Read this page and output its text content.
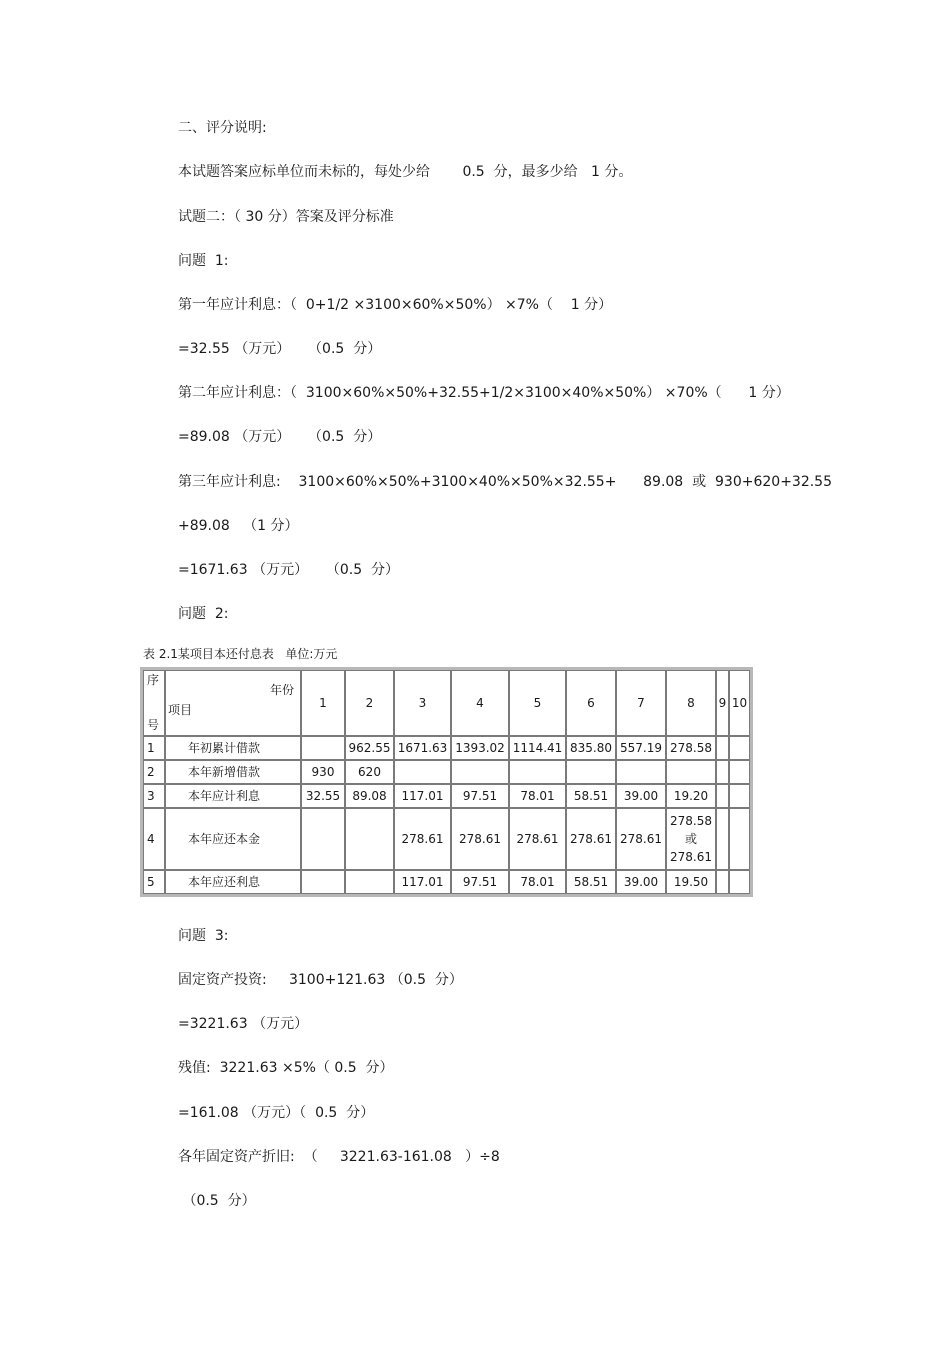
二、评分说明:

本试题答案应标单位而未标的，每处少给　　 0.5  分，最多少给   1 分。

试题二：（ 30 分）答案及评分标准

问题  1:

第一年应计利息：（  0+1/2 ×3100×60%×50%） ×7%（    1 分）

=32.55 （万元）    （0.5  分）

第二年应计利息：（  3100×60%×50%+32.55+1/2×3100×40%×50%） ×70%（      1 分）

=89.08 （万元）    （0.5  分）

第三年应计利息:    3100×60%×50%+3100×40%×50%×32.55+      89.08  或  930+620+32.55

+89.08   （1 分）

=1671.63 （万元）    （0.5  分）

问题  2:

表 2.1某项目本还付息表   单位:万元
序
号	年份
项目	1	2	3	4	5	6	7	8	9	10
1	年初累计借款		962.55	1671.63	1393.02	1114.41	835.80	557.19	278.58		
2	本年新增借款	930	620								
3	本年应计利息	32.55	89.08	117.01	97.51	78.01	58.51	39.00	19.20		
4	本年应还本金			278.61	278.61	278.61	278.61	278.61	278.58
或
278.61		

5	本年应还利息			117.01	97.51	78.01	58.51	39.00	19.50		

问题  3:

固定资产投资:     3100+121.63 （0.5  分）

=3221.63 （万元）

残值:  3221.63 ×5%（ 0.5  分）

=161.08 （万元）（  0.5  分）

各年固定资产折旧:  （     3221.63-161.08   ）÷8

（0.5  分）
